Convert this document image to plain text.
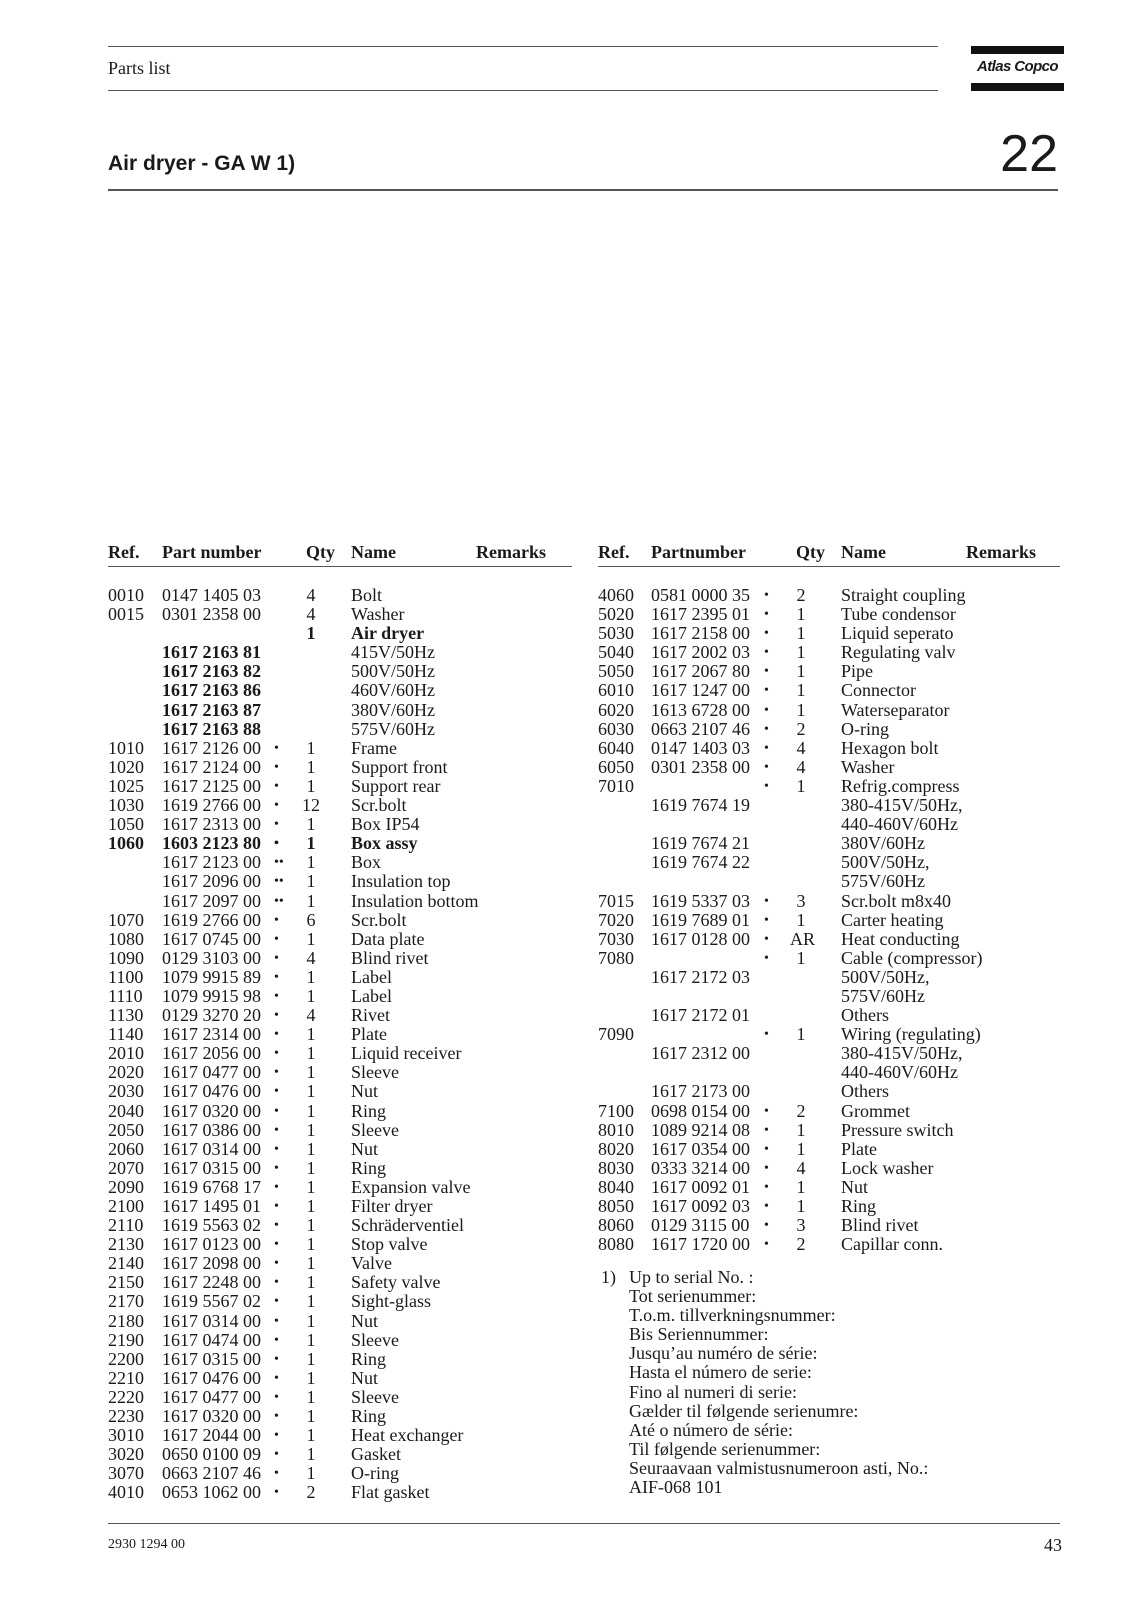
Parts list	Atlas Copco
Air dryer - GA W 1)	22
Ref. Part number Qty Name	Remarks
0010 0147 1405 03	4	Bolt
0015 0301 2358 00	4	Washer
1	Air dryer
1617 2163 81	415V/50Hz
1617 2163 82	500V/50Hz
1617 2163 86	460V/60Hz
1617 2163 87	380V/60Hz
1617 2163 88	575V/60Hz
1010 1617 2126 00 •	1	Frame
1020 1617 2124 00 •	1	Support front
1025 1617 2125 00 •	1	Support rear
1030 1619 2766 00 • 12 Scr.bolt
1050 1617 2313 00 •	1	Box IP54
1060 1603 2123 80 •	1	Box assy
1617 2123 00 ••	1	Box
1617 2096 00 ••	1	Insulation top
1617 2097 00 ••	1	Insulation bottom
1070 1619 2766 00 •	6	Scr.bolt
1080 1617 0745 00 •	1	Data plate
1090 0129 3103 00 •	4	Blind rivet
1100 1079 9915 89 •	1	Label
1110 1079 9915 98 •	1	Label
1130 0129 3270 20 •	4	Rivet
1140 1617 2314 00 •	1	Plate
2010 1617 2056 00 •	1	Liquid receiver
2020 1617 0477 00 •	1	Sleeve
2030 1617 0476 00 •	1	Nut
2040 1617 0320 00 •	1	Ring
2050 1617 0386 00 •	1	Sleeve
2060 1617 0314 00 •	1	Nut
2070 1617 0315 00 •	1	Ring
2090 1619 6768 17 •	1	Expansion valve
2100 1617 1495 01 •	1	Filter dryer
2110 1619 5563 02 •	1	Schräderventiel
2130 1617 0123 00 •	1	Stop valve
2140 1617 2098 00 •	1	Valve
2150 1617 2248 00 •	1	Safety valve
2170 1619 5567 02 •	1	Sight-glass
2180 1617 0314 00 •	1	Nut
2190 1617 0474 00 •	1	Sleeve
2200 1617 0315 00 •	1	Ring
2210 1617 0476 00 •	1	Nut
2220 1617 0477 00 •	1	Sleeve
2230 1617 0320 00 •	1	Ring
3010 1617 2044 00 •	1	Heat exchanger
3020 0650 0100 09 •	1	Gasket
3070 0663 2107 46 •	1	O-ring
4010 0653 1062 00 •	2	Flat gasket
Ref. Partnumber	Qty Name	Remarks
4060 0581 0000 35 •	2	Straight coupling
5020 1617 2395 01 •	1	Tube condensor
5030 1617 2158 00 •	1	Liquid seperato
5040 1617 2002 03 •	1	Regulating valv
5050 1617 2067 80 •	1	Pipe
6010 1617 1247 00 •	1	Connector
6020 1613 6728 00 •	1	Waterseparator
6030 0663 2107 46 •	2	O-ring
6040 0147 1403 03 •	4	Hexagon bolt
6050 0301 2358 00 •	4	Washer
7010	•	1	Refrig.compress
1619 7674 19	380-415V/50Hz,
440-460V/60Hz
1619 7674 21	380V/60Hz
1619 7674 22	500V/50Hz,
575V/60Hz
7015 1619 5337 03 •	3	Scr.bolt m8x40
7020 1619 7689 01 •	1	Carter heating
7030 1617 0128 00 • AR Heat conducting
7080	•	1	Cable (compressor)
1617 2172 03	500V/50Hz,
575V/60Hz
1617 2172 01	Others
7090	•	1	Wiring (regulating)
1617 2312 00	380-415V/50Hz,
440-460V/60Hz
1617 2173 00	Others
7100 0698 0154 00 •	2	Grommet
8010 1089 9214 08 •	1	Pressure switch
8020 1617 0354 00 •	1	Plate
8030 0333 3214 00 •	4	Lock washer
8040 1617 0092 01 •	1	Nut
8050 1617 0092 03 •	1	Ring
8060 0129 3115 00 •	3	Blind rivet
8080 1617 1720 00 •	2	Capillar conn.
1) Up to serial No. :
Tot serienummer:
T.o.m. tillverkningsnummer:
Bis Seriennummer:
Jusqu’au numéro de série:
Hasta el número de serie:
Fino al numeri di serie:
Gælder til følgende serienumre:
Até o número de série:
Til følgende serienummer:
Seuraavaan valmistusnumeroon asti, No.:
AIF-068 101
2930 1294 00	43
